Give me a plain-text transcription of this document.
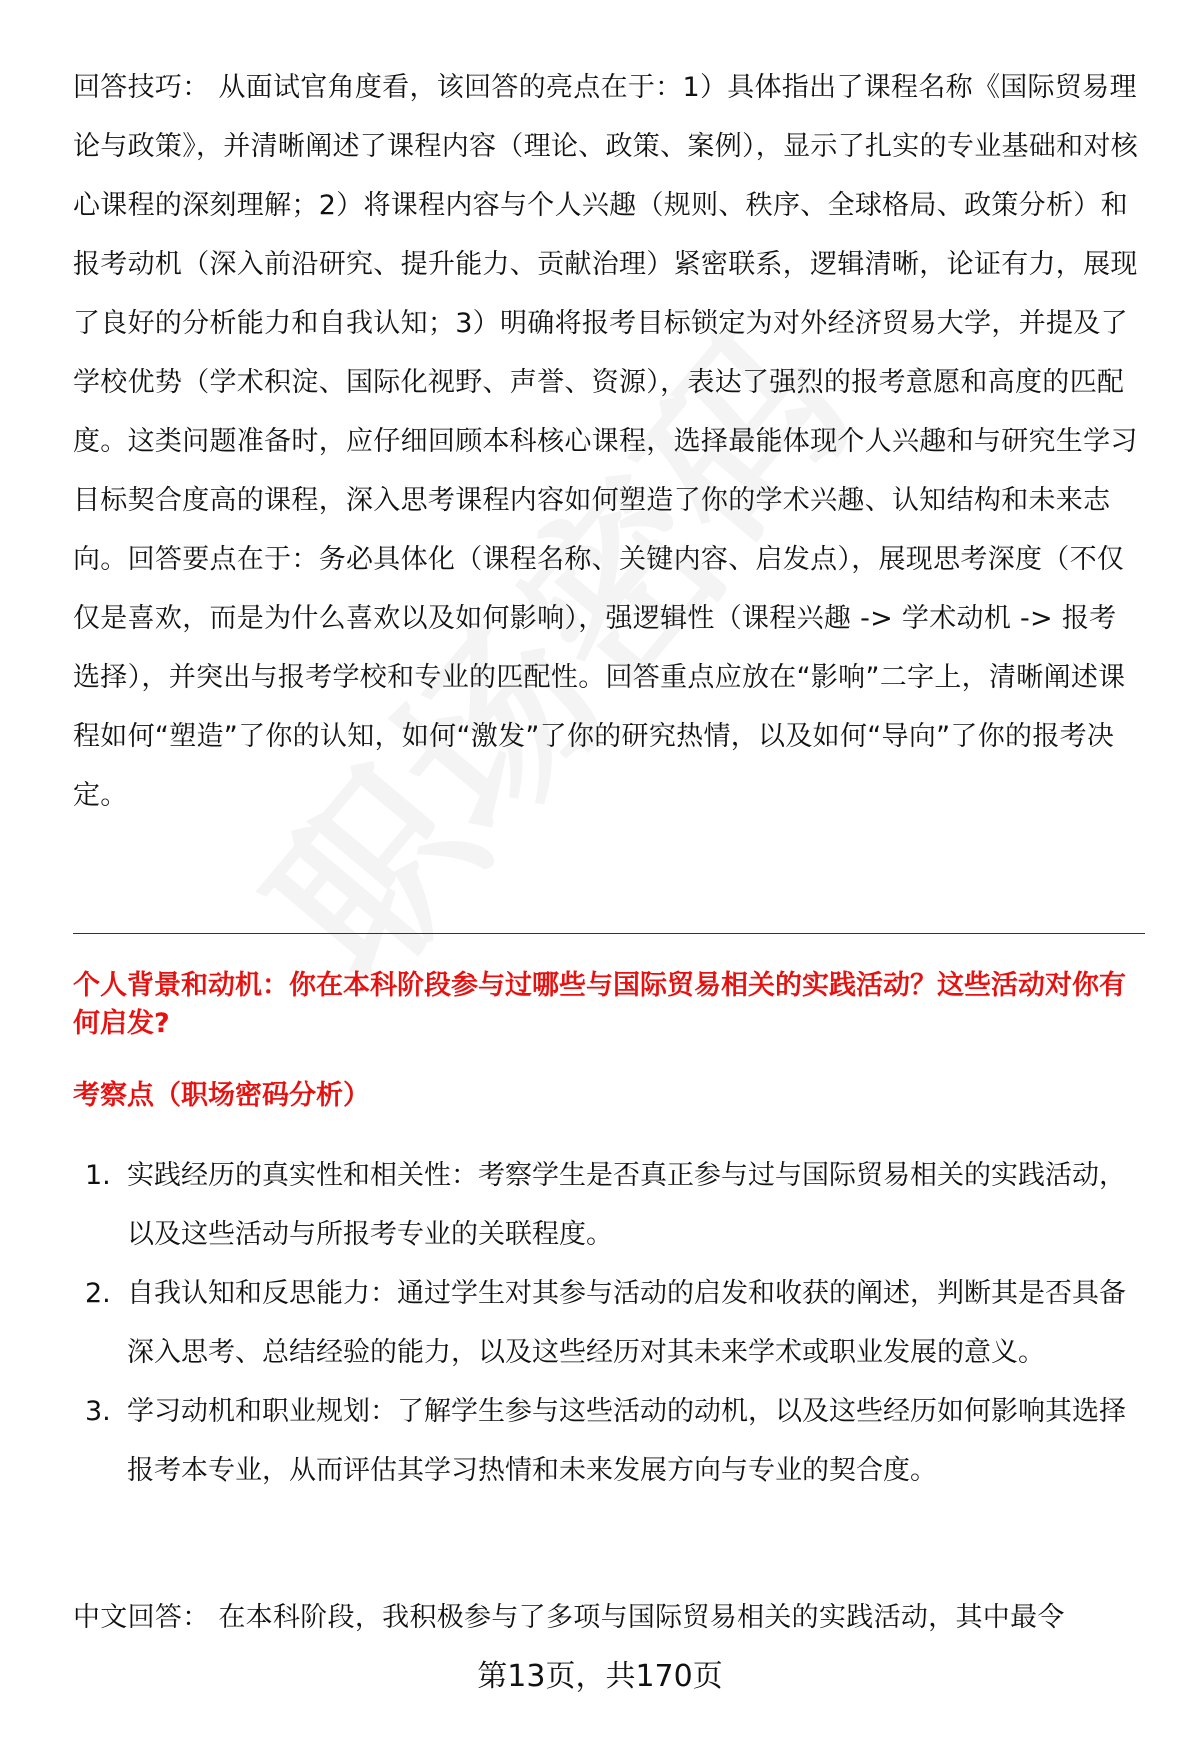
回答技巧： 从面试官角度看，该回答的亮点在于：1）具体指出了课程名称《国际贸易理论与政策》，并清晰阐述了课程内容（理论、政策、案例），显示了扎实的专业基础和对核心课程的深刻理解；2）将课程内容与个人兴趣（规则、秩序、全球格局、政策分析）和报考动机（深入前沿研究、提升能力、贡献治理）紧密联系，逻辑清晰，论证有力，展现了良好的分析能力和自我认知；3）明确将报考目标锁定为对外经济贸易大学，并提及了学校优势（学术积淀、国际化视野、声誉、资源），表达了强烈的报考意愿和高度的匹配度。这类问题准备时，应仔细回顾本科核心课程，选择最能体现个人兴趣和与研究生学习目标契合度高的课程，深入思考课程内容如何塑造了你的学术兴趣、认知结构和未来志向。回答要点在于：务必具体化（课程名称、关键内容、启发点），展现思考深度（不仅仅是喜欢，而是为什么喜欢以及如何影响），强逻辑性（课程兴趣 -> 学术动机 -> 报考选择），并突出与报考学校和专业的匹配性。回答重点应放在“影响”二字上，清晰阐述课程如何“塑造”了你的认知，如何“激发”了你的研究热情，以及如何“导向”了你的报考决定。
个人背景和动机：你在本科阶段参与过哪些与国际贸易相关的实践活动？这些活动对你有何启发?
考察点（职场密码分析）
1. 实践经历的真实性和相关性：考察学生是否真正参与过与国际贸易相关的实践活动，以及这些活动与所报考专业的关联程度。
2. 自我认知和反思能力：通过学生对其参与活动的启发和收获的阐述，判断其是否具备深入思考、总结经验的能力，以及这些经历对其未来学术或职业发展的意义。
3. 学习动机和职业规划：了解学生参与这些活动的动机，以及这些经历如何影响其选择报考本专业，从而评估其学习热情和未来发展方向与专业的契合度。
中文回答： 在本科阶段，我积极参与了多项与国际贸易相关的实践活动，其中最令
第13页，共170页
